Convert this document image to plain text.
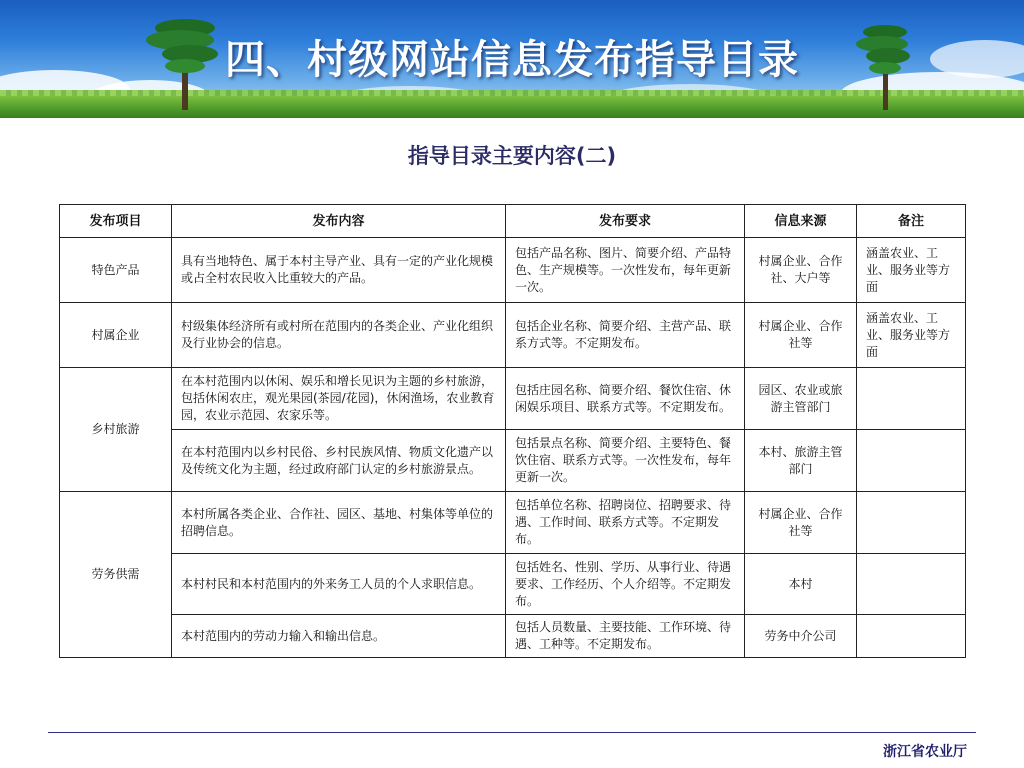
四、村级网站信息发布指导目录
指导目录主要内容(二)
发布项目	发布内容	发布要求	信息来源	备注
特色产品	具有当地特色、属于本村主导产业、具有一定的产业化规模或占全村农民收入比重较大的产品。	包括产品名称、图片、简要介绍、产品特色、生产规模等。一次性发布，每年更新一次。	村属企业、合作社、大户等	涵盖农业、工业、服务业等方面
村属企业	村级集体经济所有或村所在范围内的各类企业、产业化组织及行业协会的信息。	包括企业名称、简要介绍、主营产品、联系方式等。不定期发布。	村属企业、合作社等	涵盖农业、工业、服务业等方面
乡村旅游	在本村范围内以休闲、娱乐和增长见识为主题的乡村旅游，包括休闲农庄，观光果园(茶园/花园)，休闲渔场，农业教育园，农业示范园、农家乐等。	包括庄园名称、简要介绍、餐饮住宿、休闲娱乐项目、联系方式等。不定期发布。	园区、农业或旅游主管部门	
	在本村范围内以乡村民俗、乡村民族风情、物质文化遗产以及传统文化为主题，经过政府部门认定的乡村旅游景点。	包括景点名称、简要介绍、主要特色、餐饮住宿、联系方式等。一次性发布，每年更新一次。	本村、旅游主管部门	
劳务供需	本村所属各类企业、合作社、园区、基地、村集体等单位的招聘信息。	包括单位名称、招聘岗位、招聘要求、待遇、工作时间、联系方式等。不定期发布。	村属企业、合作社等	
	本村村民和本村范围内的外来务工人员的个人求职信息。	包括姓名、性别、学历、从事行业、待遇要求、工作经历、个人介绍等。不定期发布。	本村	
	本村范围内的劳动力输入和输出信息。	包括人员数量、主要技能、工作环境、待遇、工种等。不定期发布。	劳务中介公司	
浙江省农业厅
